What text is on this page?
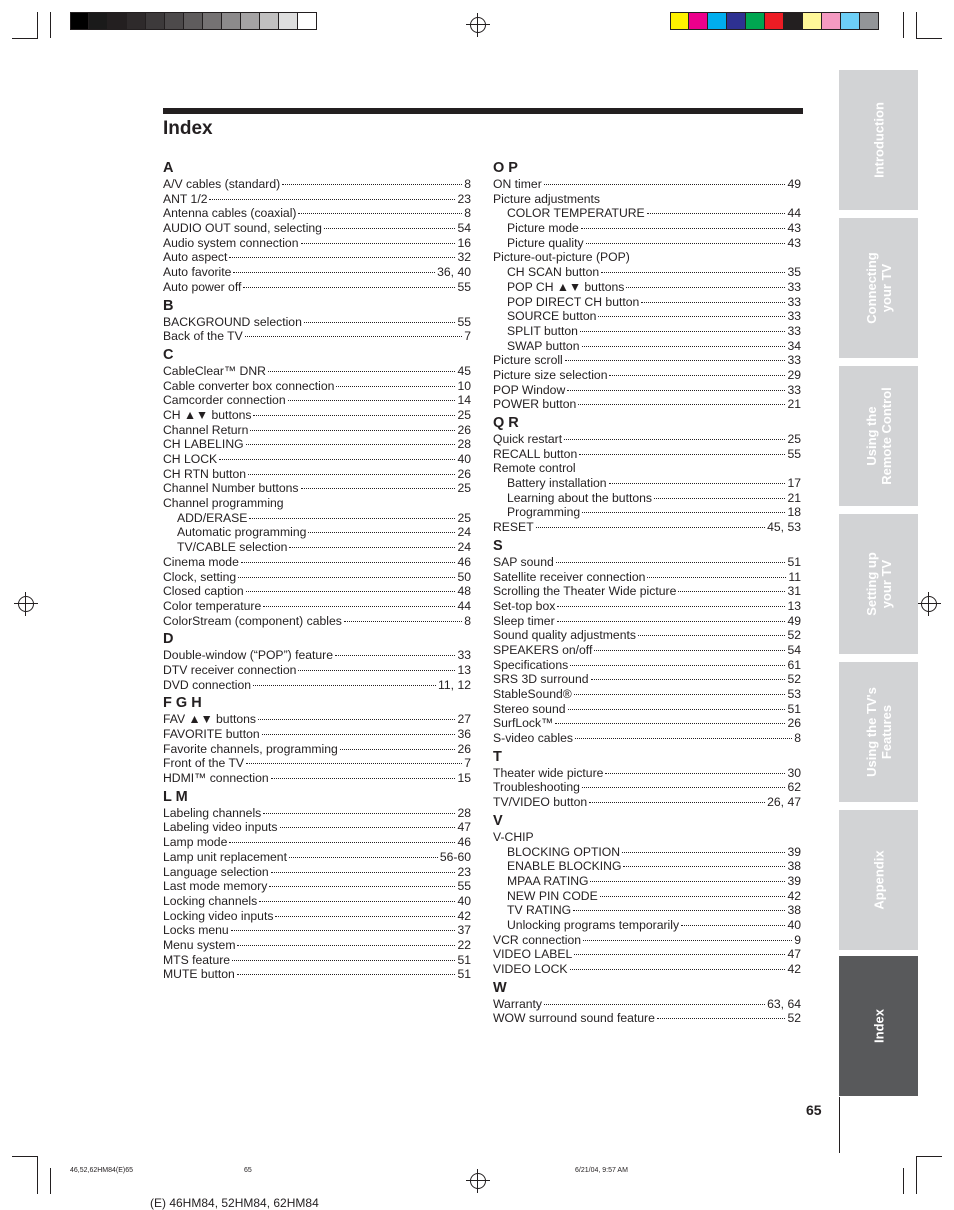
Index
A
A/V cables (standard)	8
ANT 1/2	23
Antenna cables (coaxial)	8
AUDIO OUT sound, selecting	54
Audio system connection	16
Auto aspect	32
Auto favorite	36, 40
Auto power off	55
B
BACKGROUND selection	55
Back of the TV	7
C
CableClear™ DNR	45
Cable converter box connection	10
Camcorder connection	14
CH ▲▼ buttons	25
Channel Return	26
CH LABELING	28
CH LOCK	40
CH RTN button	26
Channel Number buttons	25
Channel programming
ADD/ERASE	25
Automatic programming	24
TV/CABLE selection	24
Cinema mode	46
Clock, setting	50
Closed caption	48
Color temperature	44
ColorStream (component) cables	8
D
Double-window (“POP”) feature	33
DTV receiver connection	13
DVD connection	11, 12
F G H
FAV ▲▼ buttons	27
FAVORITE button	36
Favorite channels, programming	26
Front of the TV	7
HDMI™ connection	15
L M
Labeling channels	28
Labeling video inputs	47
Lamp mode	46
Lamp unit replacement	56-60
Language selection	23
Last mode memory	55
Locking channels	40
Locking video inputs	42
Locks menu	37
Menu system	22
MTS feature	51
MUTE button	51
O P
ON timer	49
Picture adjustments
COLOR TEMPERATURE	44
Picture mode	43
Picture quality	43
Picture-out-picture (POP)
CH SCAN button	35
POP CH ▲▼ buttons	33
POP DIRECT CH button	33
SOURCE button	33
SPLIT button	33
SWAP button	34
Picture scroll	33
Picture size selection	29
POP Window	33
POWER button	21
Q R
Quick restart	25
RECALL button	55
Remote control
Battery installation	17
Learning about the buttons	21
Programming	18
RESET	45, 53
S
SAP sound	51
Satellite receiver connection	11
Scrolling the Theater Wide picture	31
Set-top box	13
Sleep timer	49
Sound quality adjustments	52
SPEAKERS on/off	54
Specifications	61
SRS 3D surround	52
StableSound®	53
Stereo sound	51
SurfLock™	26
S-video cables	8
T
Theater wide picture	30
Troubleshooting	62
TV/VIDEO button	26, 47
V
V-CHIP
BLOCKING OPTION	39
ENABLE BLOCKING	38
MPAA RATING	39
NEW PIN CODE	42
TV RATING	38
Unlocking programs temporarily	40
VCR connection	9
VIDEO LABEL	47
VIDEO LOCK	42
W
Warranty	63, 64
WOW surround sound feature	52
Introduction
Connecting
your TV
Using the
Remote Control
Setting up
your TV
Using the TV's
Features
Appendix
Index
65
46,52,62HM84(E)65	65	6/21/04, 9:57 AM
(E) 46HM84, 52HM84, 62HM84
